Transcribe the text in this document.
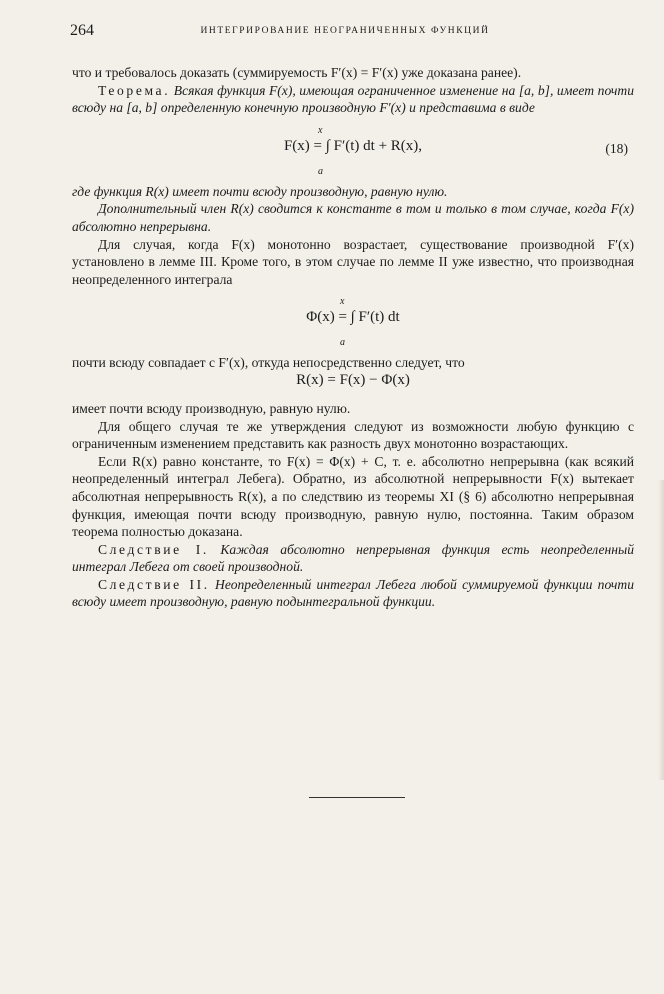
264	ИНТЕГРИРОВАНИЕ НЕОГРАНИЧЕННЫХ ФУНКЦИЙ

что и требовалось доказать (суммируемость F′(x) = F′(x) уже доказана ранее).

Теорема. Всякая функция F(x), имеющая ограниченное изменение на [a, b], имеет почти всюду на [a, b] определенную конечную производную F′(x) и представима в виде

x
F(x) = ∫ F′(t) dt + R(x),
a
(18)

где функция R(x) имеет почти всюду производную, равную нулю.

Дополнительный член R(x) сводится к константе в том и только в том случае, когда F(x) абсолютно непрерывна.

Для случая, когда F(x) монотонно возрастает, существование производной F′(x) установлено в лемме III. Кроме того, в этом случае по лемме II уже известно, что производная неопределенного интеграла

x
Φ(x) = ∫ F′(t) dt
a

почти всюду совпадает с F′(x), откуда непосредственно следует, что

R(x) = F(x) − Φ(x)

имеет почти всюду производную, равную нулю.

Для общего случая те же утверждения следуют из возможности любую функцию с ограниченным изменением представить как разность двух монотонно возрастающих.

Если R(x) равно константе, то F(x) = Φ(x) + C, т. е. абсолютно непрерывна (как всякий неопределенный интеграл Лебега). Обратно, из абсолютной непрерывности F(x) вытекает абсолютная непрерывность R(x), а по следствию из теоремы XI (§ 6) абсолютно непрерывная функция, имеющая почти всюду производную, равную нулю, постоянна. Таким образом теорема полностью доказана.

Следствие I. Каждая абсолютно непрерывная функция есть неопределенный интеграл Лебега от своей производной.

Следствие II. Неопределенный интеграл Лебега любой суммируемой функции почти всюду имеет производную, равную подынтегральной функции.
